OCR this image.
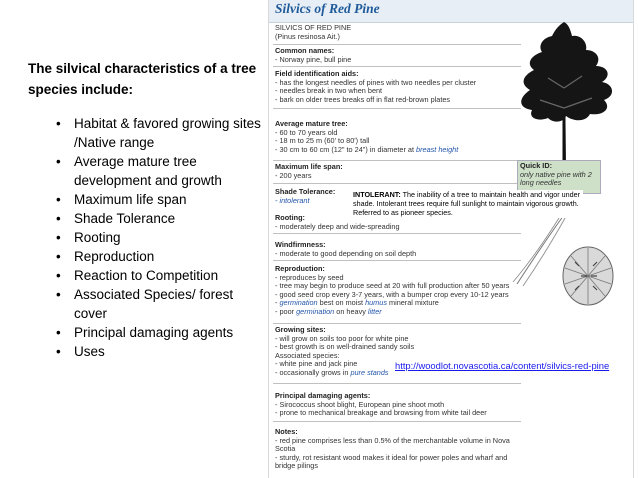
The silvical characteristics of a tree species include:

• Habitat & favored growing sites /Native range
• Average mature tree development and growth
• Maximum life span
• Shade Tolerance
• Rooting
• Reproduction
• Reaction to Competition
• Associated Species/ forest cover
• Principal damaging agents
• Uses
Silvics of Red Pine
SILVICS OF RED PINE
(Pinus resinosa Ait.)
Common names:
- Norway pine, bull pine
Field identification aids:
- has the longest needles of pines with two needles per cluster
- needles break in two when bent
- bark on older trees breaks off in flat red-brown plates
Average mature tree:
- 60 to 70 years old
- 18 m to 25 m (60' to 80') tall
- 30 cm to 60 cm (12" to 24") in diameter at breast height
Maximum life span:
- 200 years
Shade Tolerance:
- intolerant
Rooting:
- moderately deep and wide-spreading
Windfirmness:
- moderate to good depending on soil depth
Reproduction:
- reproduces by seed
- tree may begin to produce seed at 20 with full production after 50 years
- good seed crop every 3-7 years, with a bumper crop every 10-12 years
- germination best on moist humus mineral mixture
- poor germination on heavy litter
Growing sites:
- will grow on soils too poor for white pine
- best growth is on well-drained sandy soils
Associated species:
- white pine and jack pine
- occasionally grows in pure stands
Principal damaging agents:
- Sirococcus shoot blight, European pine shoot moth
- prone to mechanical breakage and browsing from white tail deer
Notes:
- red pine comprises less than 0.5% of the merchantable volume in Nova
Scotia
- sturdy, rot resistant wood makes it ideal for power poles and wharf and
bridge pilings
Quick ID:
only native pine with 2
long needles
INTOLERANT: The inability of a tree to maintain health and vigor under shade. Intolerant trees require full sunlight to maintain vigorous growth. Referred to as pioneer species.
http://woodlot.novascotia.ca/content/silvics-red-pine
